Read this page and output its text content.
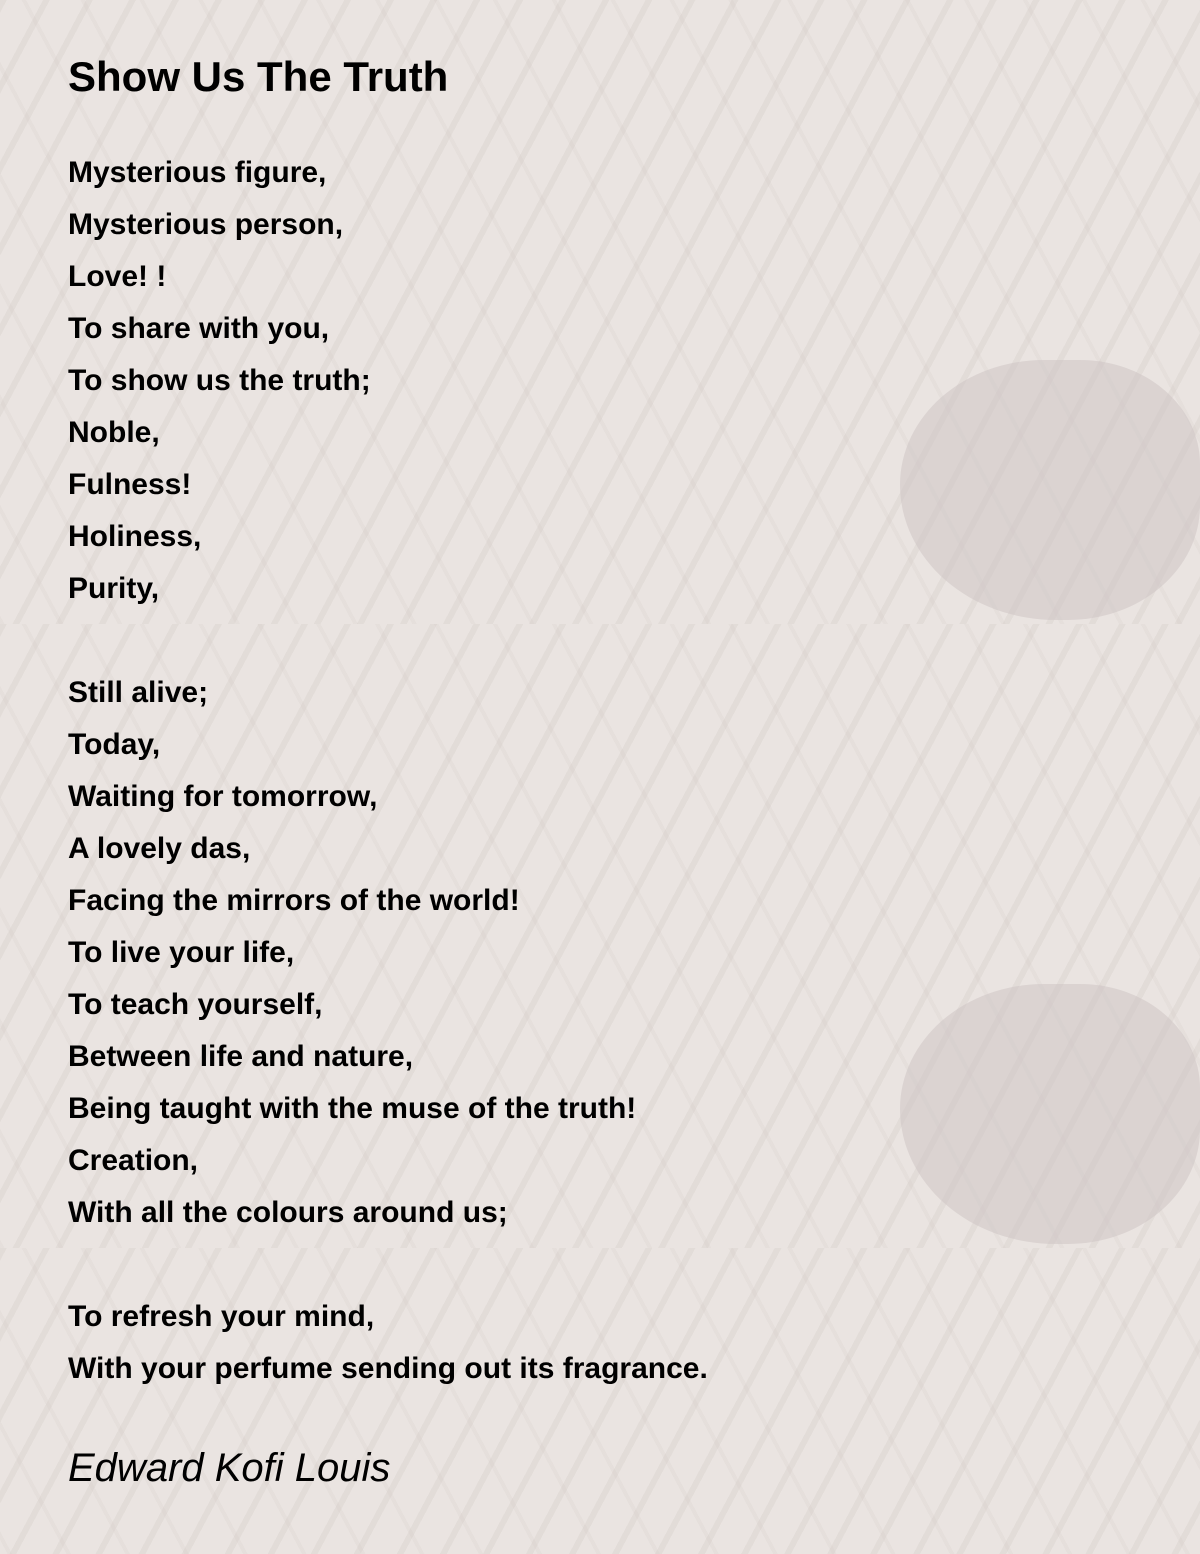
Show Us The Truth
Mysterious figure,
Mysterious person,
Love! !
To share with you,
To show us the truth;
Noble,
Fulness!
Holiness,
Purity,
Still alive;
Today,
Waiting for tomorrow,
A lovely das,
Facing the mirrors of the world!
To live your life,
To teach yourself,
Between life and nature,
Being taught with the muse of the truth!
Creation,
With all the colours around us;
To refresh your mind,
With your perfume sending out its fragrance.
Edward Kofi Louis
